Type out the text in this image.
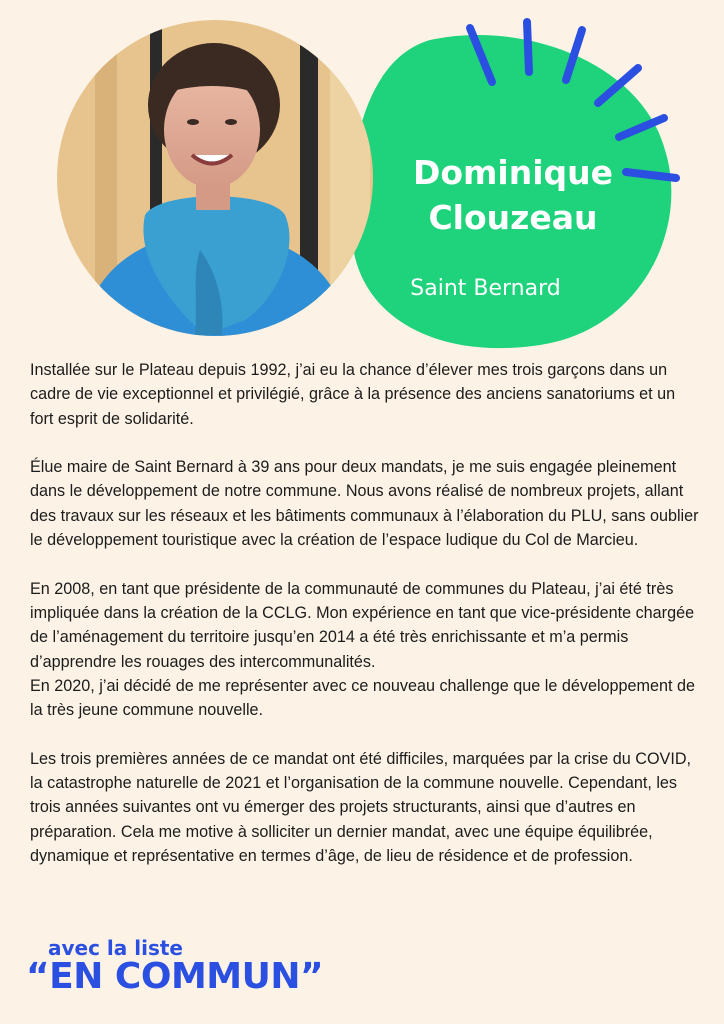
Dominique
Clouzeau
Saint Bernard

Installée sur le Plateau depuis 1992, j’ai eu la chance d’élever mes trois garçons dans un cadre de vie exceptionnel et privilégié, grâce à la présence des anciens sanatoriums et un fort esprit de solidarité.

Élue maire de Saint Bernard à 39 ans pour deux mandats, je me suis engagée pleinement dans le développement de notre commune. Nous avons réalisé de nombreux projets, allant des travaux sur les réseaux et les bâtiments communaux à l’élaboration du PLU, sans oublier le développement touristique avec la création de l’espace ludique du Col de Marcieu.

En 2008, en tant que présidente de la communauté de communes du Plateau, j’ai été très impliquée dans la création de la CCLG. Mon expérience en tant que vice-présidente chargée de l’aménagement du territoire jusqu’en 2014 a été très enrichissante et m’a permis d’apprendre les rouages des intercommunalités.
En 2020, j’ai décidé de me représenter avec ce nouveau challenge que le développement de la très jeune commune nouvelle.

Les trois premières années de ce mandat ont été difficiles, marquées par la crise du COVID, la catastrophe naturelle de 2021 et l’organisation de la commune nouvelle. Cependant, les trois années suivantes ont vu émerger des projets structurants, ainsi que d’autres en préparation. Cela me motive à solliciter un dernier mandat, avec une équipe équilibrée, dynamique et représentative en termes d’âge, de lieu de résidence et de profession.

avec la liste
“EN COMMUN”
